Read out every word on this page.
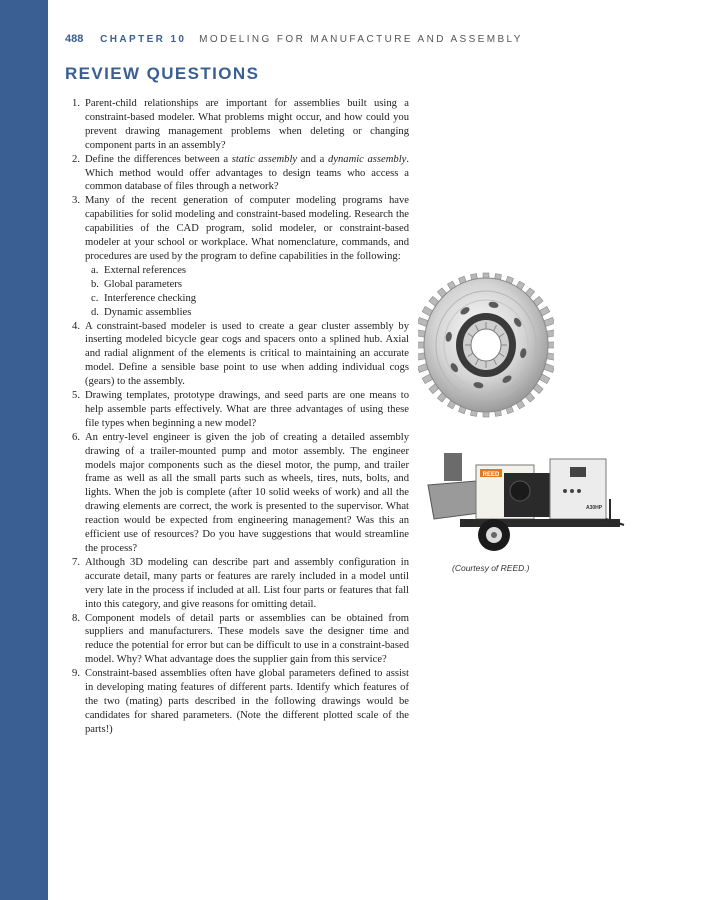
488 CHAPTER 10 MODELING FOR MANUFACTURE AND ASSEMBLY
REVIEW QUESTIONS
1. Parent-child relationships are important for assemblies built using a constraint-based modeler. What problems might occur, and how could you prevent drawing management problems when deleting or changing component parts in an assembly?
2. Define the differences between a static assembly and a dynamic assembly. Which method would offer advantages to design teams who access a common database of files through a network?
3. Many of the recent generation of computer modeling programs have capabilities for solid modeling and constraint-based modeling. Research the capabilities of the CAD program, solid modeler, or constraint-based modeler at your school or workplace. What nomenclature, commands, and procedures are used by the program to define capabilities in the following:
a. External references
b. Global parameters
c. Interference checking
d. Dynamic assemblies
4. A constraint-based modeler is used to create a gear cluster assembly by inserting modeled bicycle gear cogs and spacers onto a splined hub. Axial and radial alignment of the elements is critical to maintaining an accurate model. Define a sensible base point to use when adding individual cogs (gears) to the assembly.
5. Drawing templates, prototype drawings, and seed parts are one means to help assemble parts effectively. What are three advantages of using these file types when beginning a new model?
6. An entry-level engineer is given the job of creating a detailed assembly drawing of a trailer-mounted pump and motor assembly. The engineer models major components such as the diesel motor, the pump, and trailer frame as well as all the small parts such as wheels, tires, nuts, bolts, and lights. When the job is complete (after 10 solid weeks of work) and all the drawing elements are correct, the work is presented to the supervisor. What reaction would be expected from engineering management? Was this an efficient use of resources? Do you have suggestions that would streamline the process?
7. Although 3D modeling can describe part and assembly configuration in accurate detail, many parts or features are rarely included in a model until very late in the process if included at all. List four parts or features that fall into this category, and give reasons for omitting detail.
8. Component models of detail parts or assemblies can be obtained from suppliers and manufacturers. These models save the designer time and reduce the potential for error but can be difficult to use in a constraint-based model. Why? What advantage does the supplier gain from this service?
9. Constraint-based assemblies often have global parameters defined to assist in developing mating features of different parts. Identify which features of the two (mating) parts described in the following drawings would be candidates for shared parameters. (Note the different plotted scale of the parts!)
REED
A30HP

(Courtesy of REED.)
